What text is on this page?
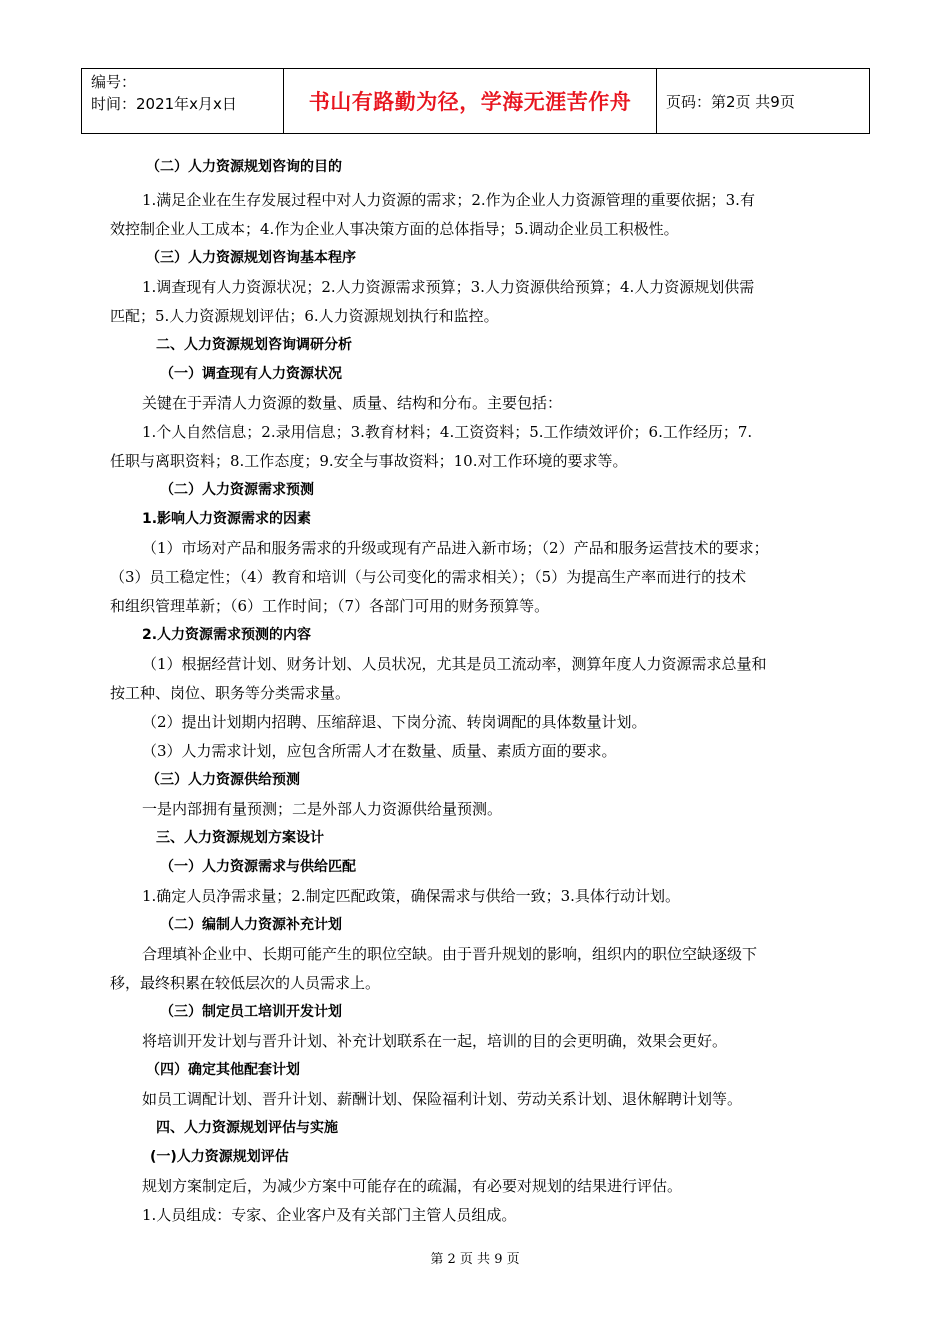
编号：
时间：2021年x月x日	书山有路勤为径，学海无涯苦作舟 页码：第2页 共9页
（二）人力资源规划咨询的目的
1.满足企业在生存发展过程中对人力资源的需求；2.作为企业人力资源管理的重要依据；3.有
效控制企业人工成本；4.作为企业人事决策方面的总体指导；5.调动企业员工积极性。
（三）人力资源规划咨询基本程序
1.调查现有人力资源状况；2.人力资源需求预算；3.人力资源供给预算；4.人力资源规划供需
匹配；5.人力资源规划评估；6.人力资源规划执行和监控。
二、人力资源规划咨询调研分析
（一）调查现有人力资源状况
关键在于弄清人力资源的数量、质量、结构和分布。主要包括：
1.个人自然信息；2.录用信息；3.教育材料；4.工资资料；5.工作绩效评价；6.工作经历；7.
任职与离职资料；8.工作态度；9.安全与事故资料；10.对工作环境的要求等。
（二）人力资源需求预测
1.影响人力资源需求的因素
（1）市场对产品和服务需求的升级或现有产品进入新市场；（2）产品和服务运营技术的要求；
（3）员工稳定性；（4）教育和培训（与公司变化的需求相关）；（5）为提高生产率而进行的技术
和组织管理革新；（6）工作时间；（7）各部门可用的财务预算等。
2.人力资源需求预测的内容
（1）根据经营计划、财务计划、人员状况，尤其是员工流动率，测算年度人力资源需求总量和
按工种、岗位、职务等分类需求量。
（2）提出计划期内招聘、压缩辞退、下岗分流、转岗调配的具体数量计划。
（3）人力需求计划，应包含所需人才在数量、质量、素质方面的要求。
（三）人力资源供给预测
一是内部拥有量预测；二是外部人力资源供给量预测。
三、人力资源规划方案设计
（一）人力资源需求与供给匹配
1.确定人员净需求量；2.制定匹配政策，确保需求与供给一致；3.具体行动计划。
（二）编制人力资源补充计划
合理填补企业中、长期可能产生的职位空缺。由于晋升规划的影响，组织内的职位空缺逐级下
移，最终积累在较低层次的人员需求上。
（三）制定员工培训开发计划
将培训开发计划与晋升计划、补充计划联系在一起，培训的目的会更明确，效果会更好。
（四）确定其他配套计划
如员工调配计划、晋升计划、薪酬计划、保险福利计划、劳动关系计划、退休解聘计划等。
四、人力资源规划评估与实施
(一)人力资源规划评估
规划方案制定后，为减少方案中可能存在的疏漏，有必要对规划的结果进行评估。
1.人员组成：专家、企业客户及有关部门主管人员组成。
第 2 页 共 9 页
